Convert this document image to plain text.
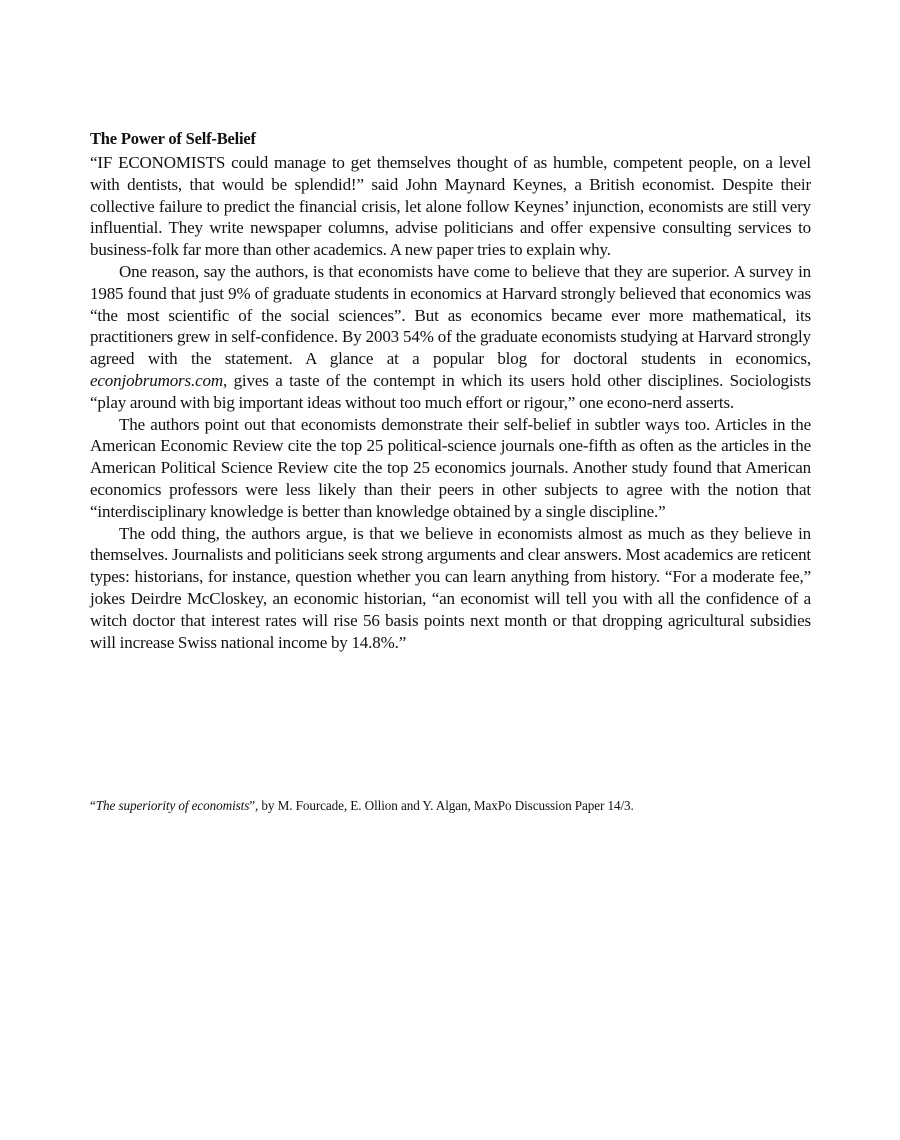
The Power of Self-Belief

“IF ECONOMISTS could manage to get themselves thought of as humble, competent people, on a level with dentists, that would be splendid!” said John Maynard Keynes, a British economist. Despite their collective failure to predict the financial crisis, let alone follow Keynes’ injunction, economists are still very influential. They write newspaper columns, advise politicians and offer expensive consulting services to business-folk far more than other academics. A new paper tries to explain why.

One reason, say the authors, is that economists have come to believe that they are superior. A survey in 1985 found that just 9% of graduate students in economics at Harvard strongly believed that economics was “the most scientific of the social sciences”. But as economics became ever more mathematical, its practitioners grew in self-confidence. By 2003 54% of the graduate economists studying at Harvard strongly agreed with the statement. A glance at a popular blog for doctoral students in economics, econjobrumors.com, gives a taste of the contempt in which its users hold other disciplines. Sociologists “play around with big important ideas without too much effort or rigour,” one econo-nerd asserts.

The authors point out that economists demonstrate their self-belief in subtler ways too. Articles in the American Economic Review cite the top 25 political-science journals one-fifth as often as the articles in the American Political Science Review cite the top 25 economics journals. Another study found that American economics professors were less likely than their peers in other subjects to agree with the notion that “interdisciplinary knowledge is better than knowledge obtained by a single discipline.”

The odd thing, the authors argue, is that we believe in economists almost as much as they believe in themselves. Journalists and politicians seek strong arguments and clear answers. Most academics are reticent types: historians, for instance, question whether you can learn anything from history. “For a moderate fee,” jokes Deirdre McCloskey, an economic historian, “an economist will tell you with all the confidence of a witch doctor that interest rates will rise 56 basis points next month or that dropping agricultural subsidies will increase Swiss national income by 14.8%.”

“The superiority of economists”, by M. Fourcade, E. Ollion and Y. Algan, MaxPo Discussion Paper 14/3.
